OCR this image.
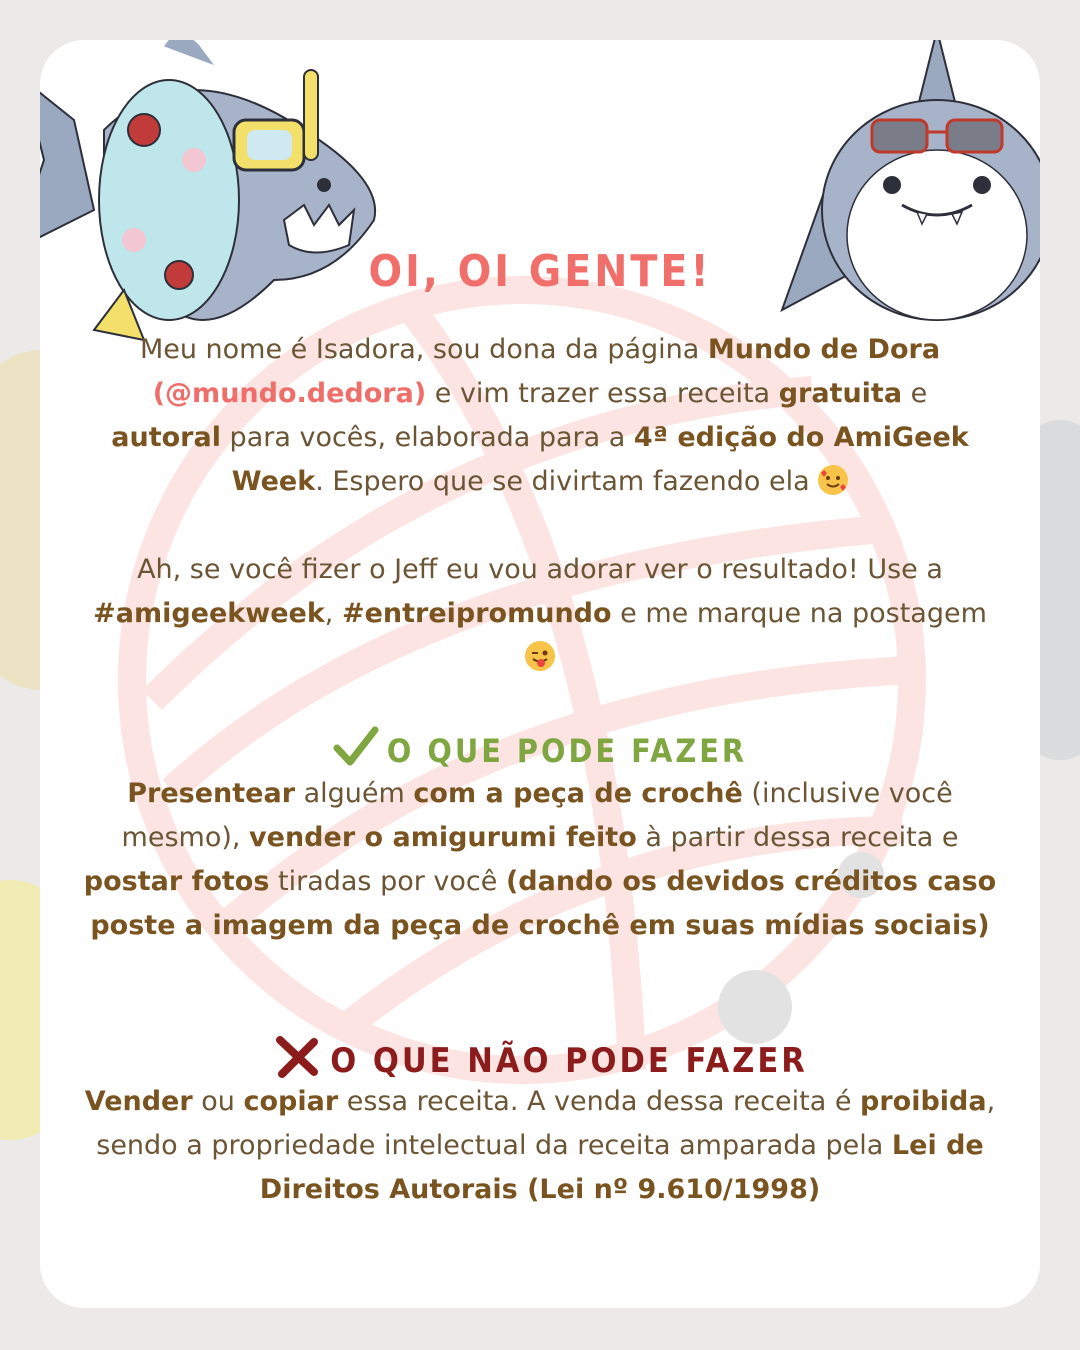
OI, OI GENTE!

Meu nome é Isadora, sou dona da página Mundo de Dora
(@mundo.dedora) e vim trazer essa receita gratuita e
autoral para vocês, elaborada para a 4ª edição do AmiGeek Week. Espero que se divirtam fazendo ela

Ah, se você fizer o Jeff eu vou adorar ver o resultado! Use a
#amigeekweek, #entreipromundo e me marque na postagem

O QUE PODE FAZER

Presentear alguém com a peça de crochê (inclusive você mesmo), vender o amigurumi feito à partir dessa receita e postar fotos tiradas por você (dando os devidos créditos caso poste a imagem da peça de crochê em suas mídias sociais)

O QUE NÃO PODE FAZER

Vender ou copiar essa receita. A venda dessa receita é proibida, sendo a propriedade intelectual da receita amparada pela Lei de Direitos Autorais (Lei nº 9.610/1998)
